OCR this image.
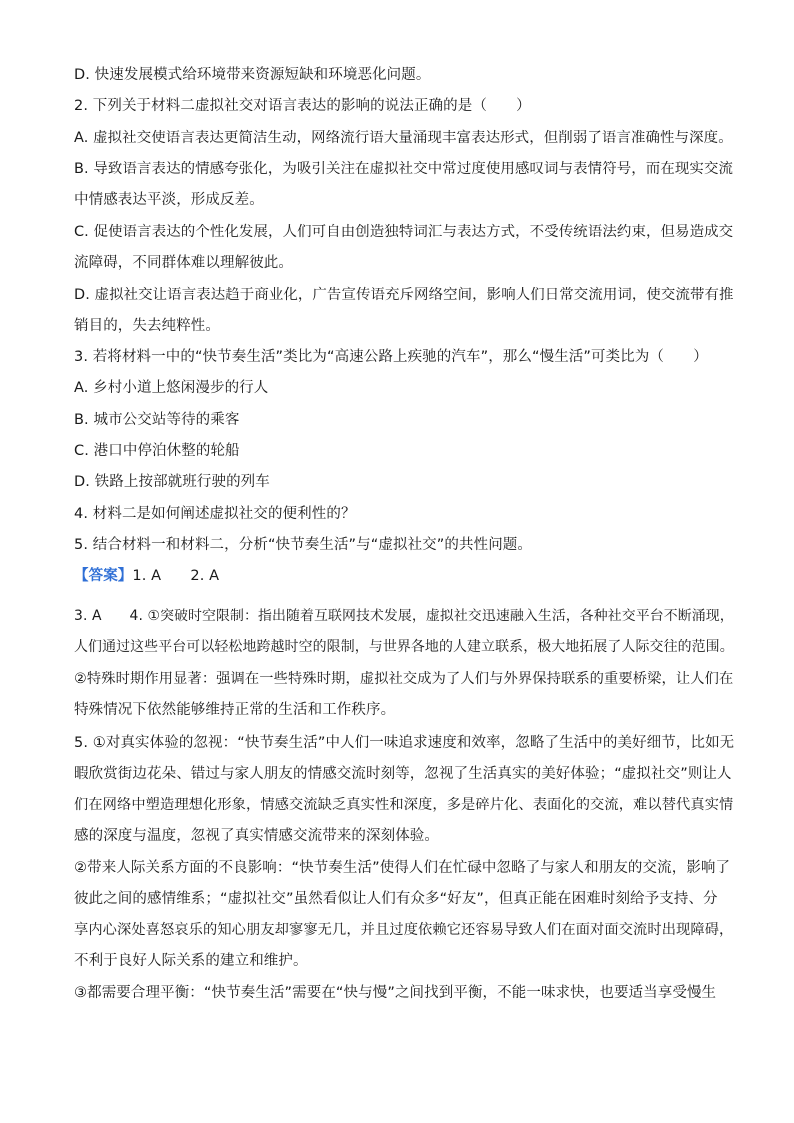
D. 快速发展模式给环境带来资源短缺和环境恶化问题。
2. 下列关于材料二虚拟社交对语言表达的影响的说法正确的是（　　）
A. 虚拟社交使语言表达更简洁生动，网络流行语大量涌现丰富表达形式，但削弱了语言准确性与深度。
B. 导致语言表达的情感夸张化，为吸引关注在虚拟社交中常过度使用感叹词与表情符号，而在现实交流
中情感表达平淡，形成反差。
C. 促使语言表达的个性化发展，人们可自由创造独特词汇与表达方式，不受传统语法约束，但易造成交
流障碍，不同群体难以理解彼此。
D. 虚拟社交让语言表达趋于商业化，广告宣传语充斥网络空间，影响人们日常交流用词，使交流带有推
销目的，失去纯粹性。
3. 若将材料一中的“快节奏生活”类比为“高速公路上疾驰的汽车”，那么“慢生活”可类比为（　　）
A. 乡村小道上悠闲漫步的行人
B. 城市公交站等待的乘客
C. 港口中停泊休整的轮船
D. 铁路上按部就班行驶的列车
4. 材料二是如何阐述虚拟社交的便利性的？
5. 结合材料一和材料二，分析“快节奏生活”与“虚拟社交”的共性问题。
【答案】1. A　　2. A
3. A　　4. ①突破时空限制：指出随着互联网技术发展，虚拟社交迅速融入生活，各种社交平台不断涌现，
人们通过这些平台可以轻松地跨越时空的限制，与世界各地的人建立联系，极大地拓展了人际交往的范围。
②特殊时期作用显著：强调在一些特殊时期，虚拟社交成为了人们与外界保持联系的重要桥梁，让人们在
特殊情况下依然能够维持正常的生活和工作秩序。
5. ①对真实体验的忽视：“快节奏生活”中人们一味追求速度和效率，忽略了生活中的美好细节，比如无
暇欣赏街边花朵、错过与家人朋友的情感交流时刻等，忽视了生活真实的美好体验；“虚拟社交”则让人
们在网络中塑造理想化形象，情感交流缺乏真实性和深度，多是碎片化、表面化的交流，难以替代真实情
感的深度与温度，忽视了真实情感交流带来的深刻体验。
②带来人际关系方面的不良影响：“快节奏生活”使得人们在忙碌中忽略了与家人和朋友的交流，影响了
彼此之间的感情维系；“虚拟社交”虽然看似让人们有众多“好友”，但真正能在困难时刻给予支持、分
享内心深处喜怒哀乐的知心朋友却寥寥无几，并且过度依赖它还容易导致人们在面对面交流时出现障碍，
不利于良好人际关系的建立和维护。
③都需要合理平衡：“快节奏生活”需要在“快与慢”之间找到平衡，不能一味求快，也要适当享受慢生
